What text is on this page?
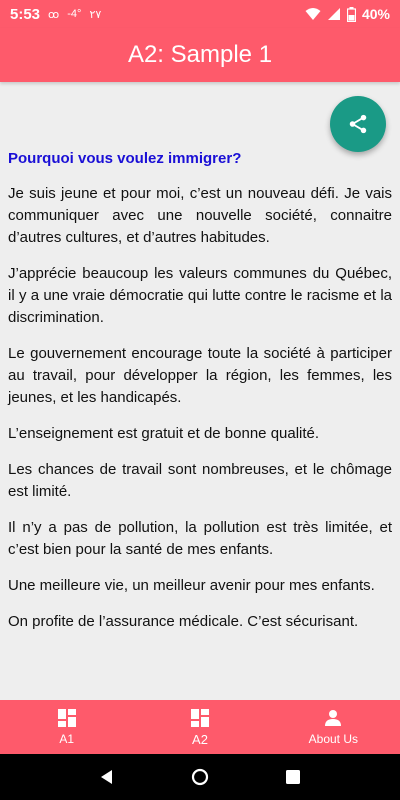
5:53 ꝏ -4° ۲۷	40%
A2: Sample 1
Pourquoi vous voulez immigrer?

Je suis jeune et pour moi, c’est un nouveau défi. Je vais communiquer avec une nouvelle société, connaitre d’autres cultures, et d’autres habitudes.

J’apprécie beaucoup les valeurs communes du Québec, il y a une vraie démocratie qui lutte contre le racisme et la discrimination.

Le gouvernement encourage toute la société à participer au travail, pour développer la région, les femmes, les jeunes, et les handicapés.

L’enseignement est gratuit et de bonne qualité.

Les chances de travail sont nombreuses, et le chômage est limité.

Il n’y a pas de pollution, la pollution est très limitée, et c’est bien pour la santé de mes enfants.

Une meilleure vie, un meilleur avenir pour mes enfants.

On profite de l’assurance médicale. C’est sécurisant.

A1	A2	About Us
